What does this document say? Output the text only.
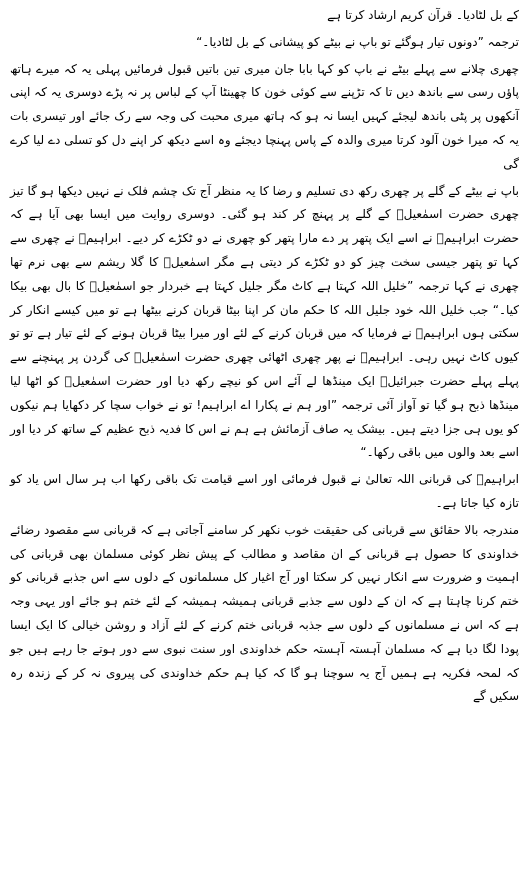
کے بل لٹادیا۔ قرآن کریم ارشاد کرتا ہے

ترجمہ ”دونوں تیار ہوگئے تو باپ نے بیٹے کو پیشانی کے بل لٹادیا۔“

چھری چلانے سے پہلے بیٹے نے باپ کو کہا بابا جان میری تین باتیں قبول فرمائیں پہلی یہ کہ میرے ہاتھ پاؤں رسی سے باندھ دیں تا کہ تڑپنے سے کوئی خون کا چھینٹا آپ کے لباس پر نہ پڑے دوسری یہ کہ اپنی آنکھوں پر پٹی باندھ لیجئے کہیں ایسا نہ ہو کہ ہاتھ میری محبت کی وجہ سے رک جائے اور تیسری بات یہ کہ میرا خون آلود کرتا میری والدہ کے پاس پہنچا دیجئے وہ اسے دیکھ کر اپنے دل کو تسلی دے لیا کرے گی

باپ نے بیٹے کے گلے پر چھری رکھ دی تسلیم و رضا کا یہ منظر آج تک چشم فلک نے نہیں دیکھا ہو گا تیز چھری حضرت اسمٰعیلؑ کے گلے پر پہنچ کر کند ہو گئی۔ دوسری روایت میں ایسا بھی آیا ہے کہ حضرت ابراہیمؑ نے اسے ایک پتھر پر دے مارا پتھر کو چھری نے دو ٹکڑے کر دیے۔ ابراہیمؑ نے چھری سے کہا تو پتھر جیسی سخت چیز کو دو ٹکڑے کر دیتی ہے مگر اسمٰعیلؑ کا گلا ریشم سے بھی نرم تھا چھری نے کہا ترجمہ ”خلیل اللہ کہتا ہے کاٹ مگر جلیل کہتا ہے خبردار جو اسمٰعیلؑ کا بال بھی بیکا کیا۔“ جب خلیل اللہ خود جلیل اللہ کا حکم مان کر اپنا بیٹا قربان کرنے بیٹھا ہے تو میں کیسے انکار کر سکتی ہوں ابراہیمؑ نے فرمایا کہ میں قربان کرنے کے لئے اور میرا بیٹا قربان ہونے کے لئے تیار ہے تو تو کیوں کاٹ نہیں رہی۔ ابراہیمؑ نے پھر چھری اٹھائی چھری حضرت اسمٰعیلؑ کی گردن پر پہنچنے سے پہلے پہلے حضرت جبرائیلؑ ایک مینڈھا لے آئے اس کو نیچے رکھ دیا اور حضرت اسمٰعیلؑ کو اٹھا لیا مینڈھا ذبح ہو گیا تو آواز آئی ترجمہ ”اور ہم نے پکارا اے ابراہیم! تو نے خواب سچا کر دکھایا ہم نیکوں کو یوں ہی جزا دیتے ہیں۔ بیشک یہ صاف آزمائش ہے ہم نے اس کا فدیہ ذبح عظیم کے ساتھ کر دیا اور اسے بعد والوں میں باقی رکھا۔“

ابراہیمؑ کی قربانی اللہ تعالیٰ نے قبول فرمائی اور اسے قیامت تک باقی رکھا اب ہر سال اس یاد کو تازہ کیا جاتا ہے۔

مندرجہ بالا حقائق سے قربانی کی حقیقت خوب نکھر کر سامنے آجاتی ہے کہ قربانی سے مقصود رضائے خداوندی کا حصول ہے قربانی کے ان مقاصد و مطالب کے پیش نظر کوئی مسلمان بھی قربانی کی اہمیت و ضرورت سے انکار نہیں کر سکتا اور آج اغیار کل مسلمانوں کے دلوں سے اس جذبے قربانی کو ختم کرنا چاہتا ہے کہ ان کے دلوں سے جذبے قربانی ہمیشہ ہمیشہ کے لئے ختم ہو جائے اور یہی وجہ ہے کہ اس نے مسلمانوں کے دلوں سے جذبہ قربانی ختم کرنے کے لئے آزاد و روشن خیالی کا ایک ایسا پودا لگا دیا ہے کہ مسلمان آہستہ آہستہ حکم خداوندی اور سنت نبوی سے دور ہوتے جا رہے ہیں جو کہ لمحہ فکریہ ہے ہمیں آج یہ سوچنا ہو گا کہ کیا ہم حکم خداوندی کی پیروی نہ کر کے زندہ رہ سکیں گے
